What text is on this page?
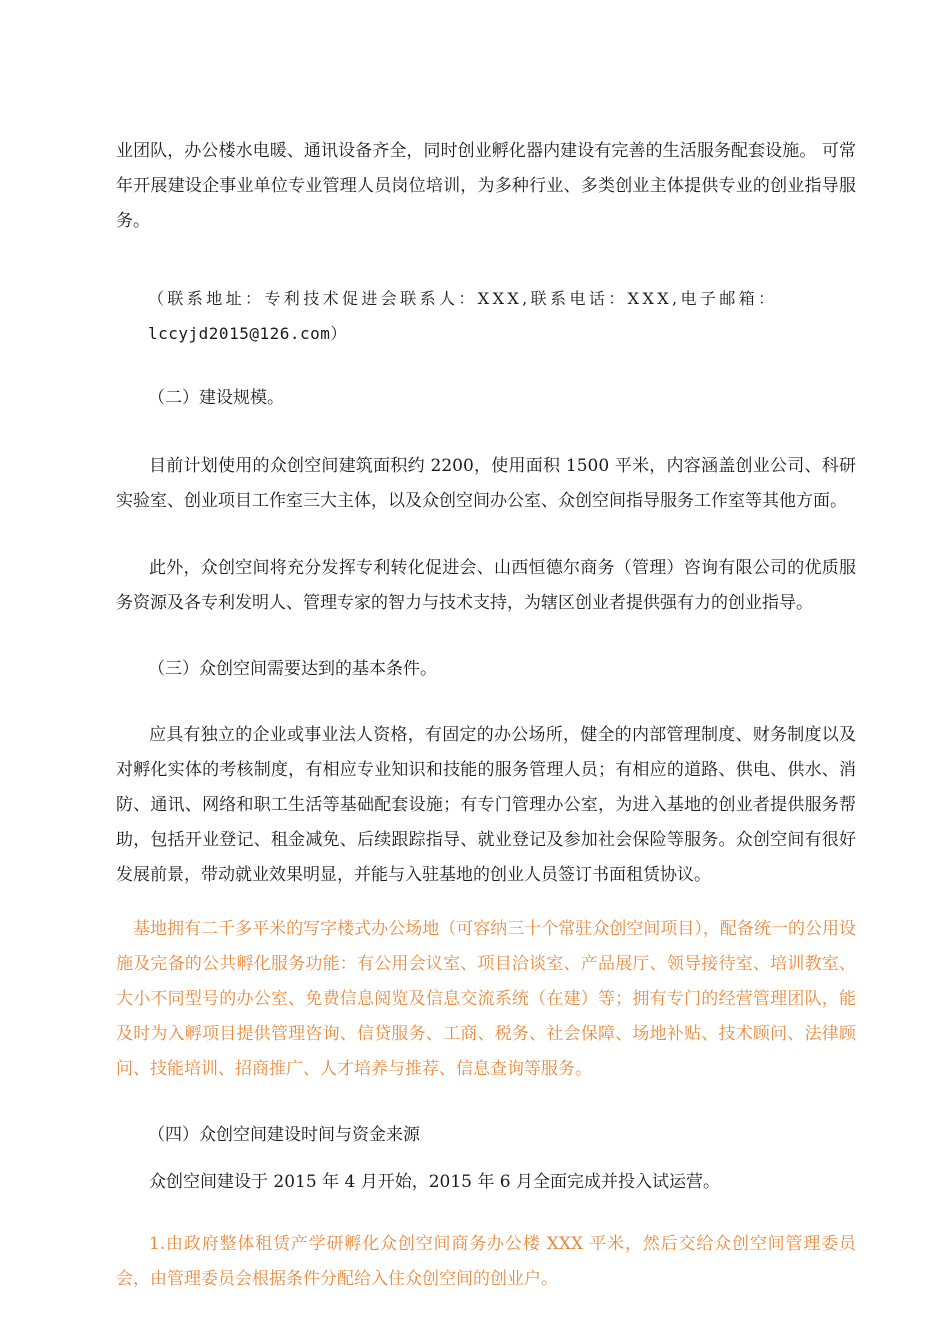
业团队，办公楼水电暖、通讯设备齐全，同时创业孵化器内建设有完善的生活服务配套设施。 可常年开展建设企事业单位专业管理人员岗位培训，为多种行业、多类创业主体提供专业的创业指导服务。

（联系地址：专利技术促进会联系人：XXX,联系电话：XXX,电子邮箱：

lccyjd2015@126.com）

（二）建设规模。

目前计划使用的众创空间建筑面积约 2200，使用面积 1500 平米，内容涵盖创业公司、科研实验室、创业项目工作室三大主体，以及众创空间办公室、众创空间指导服务工作室等其他方面。

此外，众创空间将充分发挥专利转化促进会、山西恒德尔商务（管理）咨询有限公司的优质服务资源及各专利发明人、管理专家的智力与技术支持，为辖区创业者提供强有力的创业指导。

（三）众创空间需要达到的基本条件。

应具有独立的企业或事业法人资格，有固定的办公场所，健全的内部管理制度、财务制度以及对孵化实体的考核制度，有相应专业知识和技能的服务管理人员；有相应的道路、供电、供水、消防、通讯、网络和职工生活等基础配套设施；有专门管理办公室，为进入基地的创业者提供服务帮助，包括开业登记、租金减免、后续跟踪指导、就业登记及参加社会保险等服务。众创空间有很好发展前景，带动就业效果明显，并能与入驻基地的创业人员签订书面租赁协议。

基地拥有二千多平米的写字楼式办公场地（可容纳三十个常驻众创空间项目），配备统一的公用设施及完备的公共孵化服务功能：有公用会议室、项目洽谈室、产品展厅、领导接待室、培训教室、大小不同型号的办公室、免费信息阅览及信息交流系统（在建）等；拥有专门的经营管理团队，能及时为入孵项目提供管理咨询、信贷服务、工商、税务、社会保障、场地补贴、技术顾问、法律顾问、技能培训、招商推广、人才培养与推荐、信息查询等服务。

（四）众创空间建设时间与资金来源

众创空间建设于 2015 年 4 月开始，2015 年 6 月全面完成并投入试运营。

1.由政府整体租赁产学研孵化众创空间商务办公楼 XXX 平米，然后交给众创空间管理委员会，由管理委员会根据条件分配给入住众创空间的创业户。
